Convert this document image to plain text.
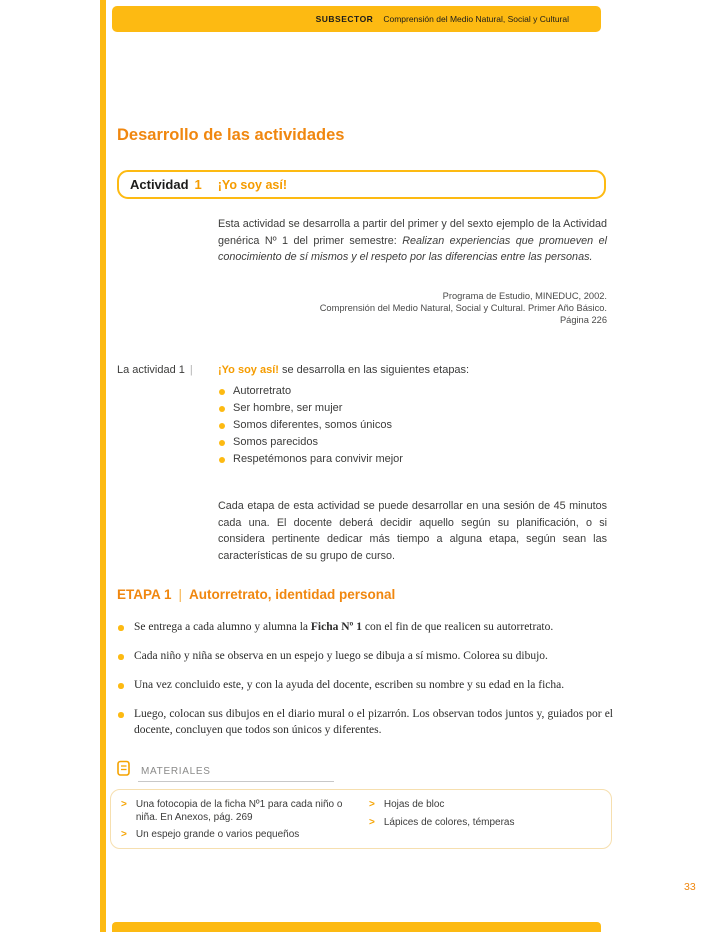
SUBSECTOR Comprensión del Medio Natural, Social y Cultural
Desarrollo de las actividades
Actividad 1 ¡Yo soy así!

Esta actividad se desarrolla a partir del primer y del sexto ejemplo de la Actividad genérica Nº 1 del primer semestre: Realizan experiencias que promueven el conocimiento de sí mismos y el respeto por las diferencias entre las personas.

Programa de Estudio, MINEDUC, 2002.
Comprensión del Medio Natural, Social y Cultural. Primer Año Básico.
Página 226
La actividad 1 | ¡Yo soy así! se desarrolla en las siguientes etapas:
Autorretrato
Ser hombre, ser mujer
Somos diferentes, somos únicos
Somos parecidos
Respetémonos para convivir mejor

Cada etapa de esta actividad se puede desarrollar en una sesión de 45 minutos cada una. El docente deberá decidir aquello según su planificación, o si considera pertinente dedicar más tiempo a alguna etapa, según sean las características de su grupo de curso.

ETAPA 1 | Autorretrato, identidad personal
Se entrega a cada alumno y alumna la Ficha Nº 1 con el fin de que realicen su autorretrato.
Cada niño y niña se observa en un espejo y luego se dibuja a sí mismo. Colorea su dibujo.
Una vez concluido este, y con la ayuda del docente, escriben su nombre y su edad en la ficha.
Luego, colocan sus dibujos en el diario mural o el pizarrón. Los observan todos juntos y, guiados por el docente, concluyen que todos son únicos y diferentes.
MATERIALES
> Una fotocopia de la ficha Nº1 para cada niño o niña. En Anexos, pág. 269
> Un espejo grande o varios pequeños
> Hojas de bloc
> Lápices de colores, témperas
33
